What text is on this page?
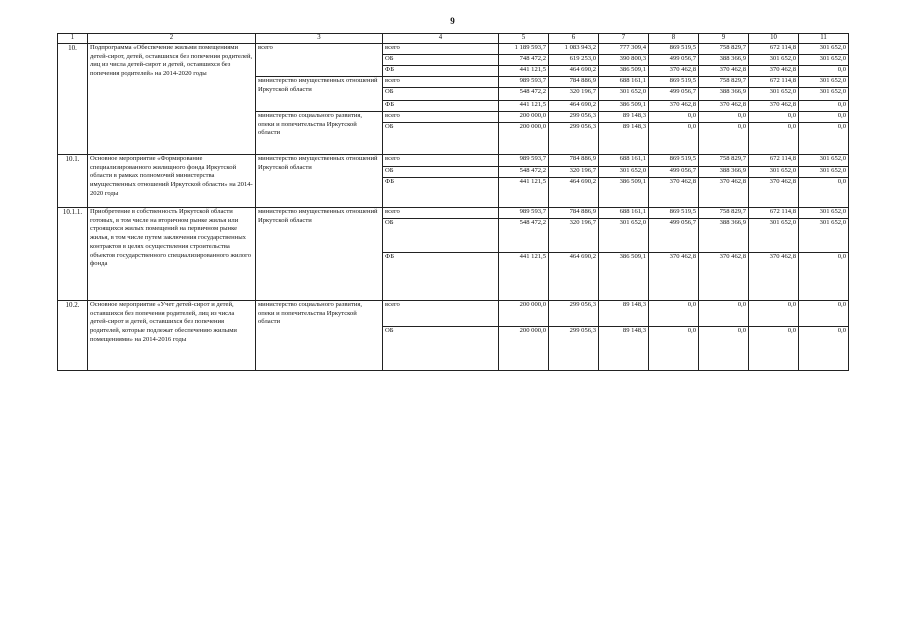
9
1	2	3	4	5	6	7	8	9	10	11
10.	Подпрограмма «Обеспечение жильми помещениями детей-сирот, детей, оставшихся без попечения родителей, лиц из числа детей-сирот и детей, оставшихся без попечения родителей» на 2014-2020 годы	всего	всего	1 189 593,7	1 083 943,2	777 309,4	869 519,5	758 829,7	672 114,8	301 652,0
			ОБ	748 472,2	619 253,0	390 800,3	499 056,7	388 366,9	301 652,0	301 652,0
			ФБ	441 121,5	464 690,2	386 509,1	370 462,8	370 462,8	370 462,8	0,0
		министерство имущественных отношений Иркутской области	всего	989 593,7	784 886,9	688 161,1	869 519,5	758 829,7	672 114,8	301 652,0
			ОБ	548 472,2	320 196,7	301 652,0	499 056,7	388 366,9	301 652,0	301 652,0
			ФБ	441 121,5	464 690,2	386 509,1	370 462,8	370 462,8	370 462,8	0,0
		министерство социального развития, опеки и попечительства Иркутской области	всего	200 000,0	299 056,3	89 148,3	0,0	0,0	0,0	0,0
			ОБ	200 000,0	299 056,3	89 148,3	0,0	0,0	0,0	0,0
10.1.	Основное мероприятие «Формирование специализированного жилищного фонда Иркутской области в рамках полномочий министерства имущественных отношений Иркутской области» на 2014-2020 годы	министерство имущественных отношений Иркутской области	всего	989 593,7	784 886,9	688 161,1	869 519,5	758 829,7	672 114,8	301 652,0
			ОБ	548 472,2	320 196,7	301 652,0	499 056,7	388 366,9	301 652,0	301 652,0
			ФБ	441 121,5	464 690,2	386 509,1	370 462,8	370 462,8	370 462,8	0,0
10.1.1.	Приобретение в собственность Иркутской области готовых, в том числе на вторичном рынке жилья или строящихся жилых помещений на первичном рынке жилья, в том числе путем заключения государственных контрактов в целях осуществления строительства объектов государственного специализированного жилого фонда	министерство имущественных отношений Иркутской области	всего	989 593,7	784 886,9	688 161,1	869 519,5	758 829,7	672 114,8	301 652,0
			ОБ	548 472,2	320 196,7	301 652,0	499 056,7	388 366,9	301 652,0	301 652,0
			ФБ	441 121,5	464 690,2	386 509,1	370 462,8	370 462,8	370 462,8	0,0
10.2.	Основное мероприятие «Учет детей-сирот и детей, оставшихся без попечения родителей, лиц из числа детей-сирот и детей, оставшихся без попечения родителей, которые подлежат обеспечению жилыми помещениями» на 2014-2016 годы	министерство социального развития, опеки и попечительства Иркутской области	всего	200 000,0	299 056,3	89 148,3	0,0	0,0	0,0	0,0
			ОБ	200 000,0	299 056,3	89 148,3	0,0	0,0	0,0	0,0
